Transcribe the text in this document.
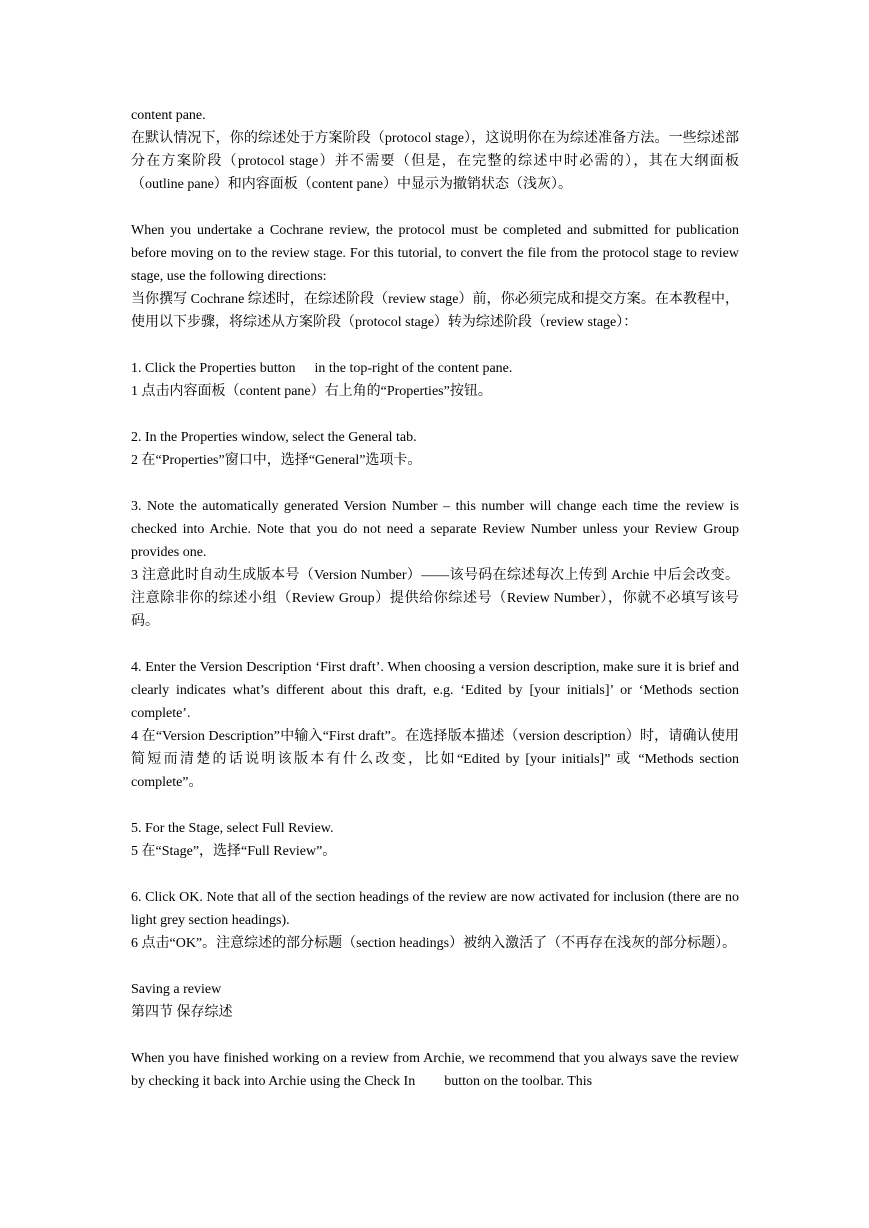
content pane.

在默认情况下，你的综述处于方案阶段（protocol stage），这说明你在为综述准备方法。一些综述部分在方案阶段（protocol stage）并不需要（但是，在完整的综述中时必需的），其在大纲面板（outline pane）和内容面板（content pane）中显示为撤销状态（浅灰）。

When you undertake a Cochrane review, the protocol must be completed and submitted for publication before moving on to the review stage. For this tutorial, to convert the file from the protocol stage to review stage, use the following directions:

当你撰写 Cochrane 综述时，在综述阶段（review stage）前，你必须完成和提交方案。在本教程中，使用以下步骤，将综述从方案阶段（protocol stage）转为综述阶段（review stage）：

1. Click the Properties button in the top-right of the content pane.

1 点击内容面板（content pane）右上角的“Properties”按钮。

2. In the Properties window, select the General tab.

2 在“Properties”窗口中，选择“General”选项卡。

3. Note the automatically generated Version Number – this number will change each time the review is checked into Archie. Note that you do not need a separate Review Number unless your Review Group provides one.

3 注意此时自动生成版本号（Version Number）——该号码在综述每次上传到 Archie 中后会改变。注意除非你的综述小组（Review Group）提供给你综述号（Review Number），你就不必填写该号码。

4. Enter the Version Description ‘First draft’. When choosing a version description, make sure it is brief and clearly indicates what’s different about this draft, e.g. ‘Edited by [your initials]’ or ‘Methods section complete’.

4 在“Version Description”中输入“First draft”。在选择版本描述（version description）时，请确认使用简短而清楚的话说明该版本有什么改变，比如“Edited by [your initials]” 或 “Methods section complete”。

5. For the Stage, select Full Review.

5 在“Stage”，选择“Full Review”。

6. Click OK. Note that all of the section headings of the review are now activated for inclusion (there are no light grey section headings).

6 点击“OK”。注意综述的部分标题（section headings）被纳入激活了（不再存在浅灰的部分标题）。

Saving a review

第四节 保存综述

When you have finished working on a review from Archie, we recommend that you always save the review by checking it back into Archie using the Check In button on the toolbar. This
